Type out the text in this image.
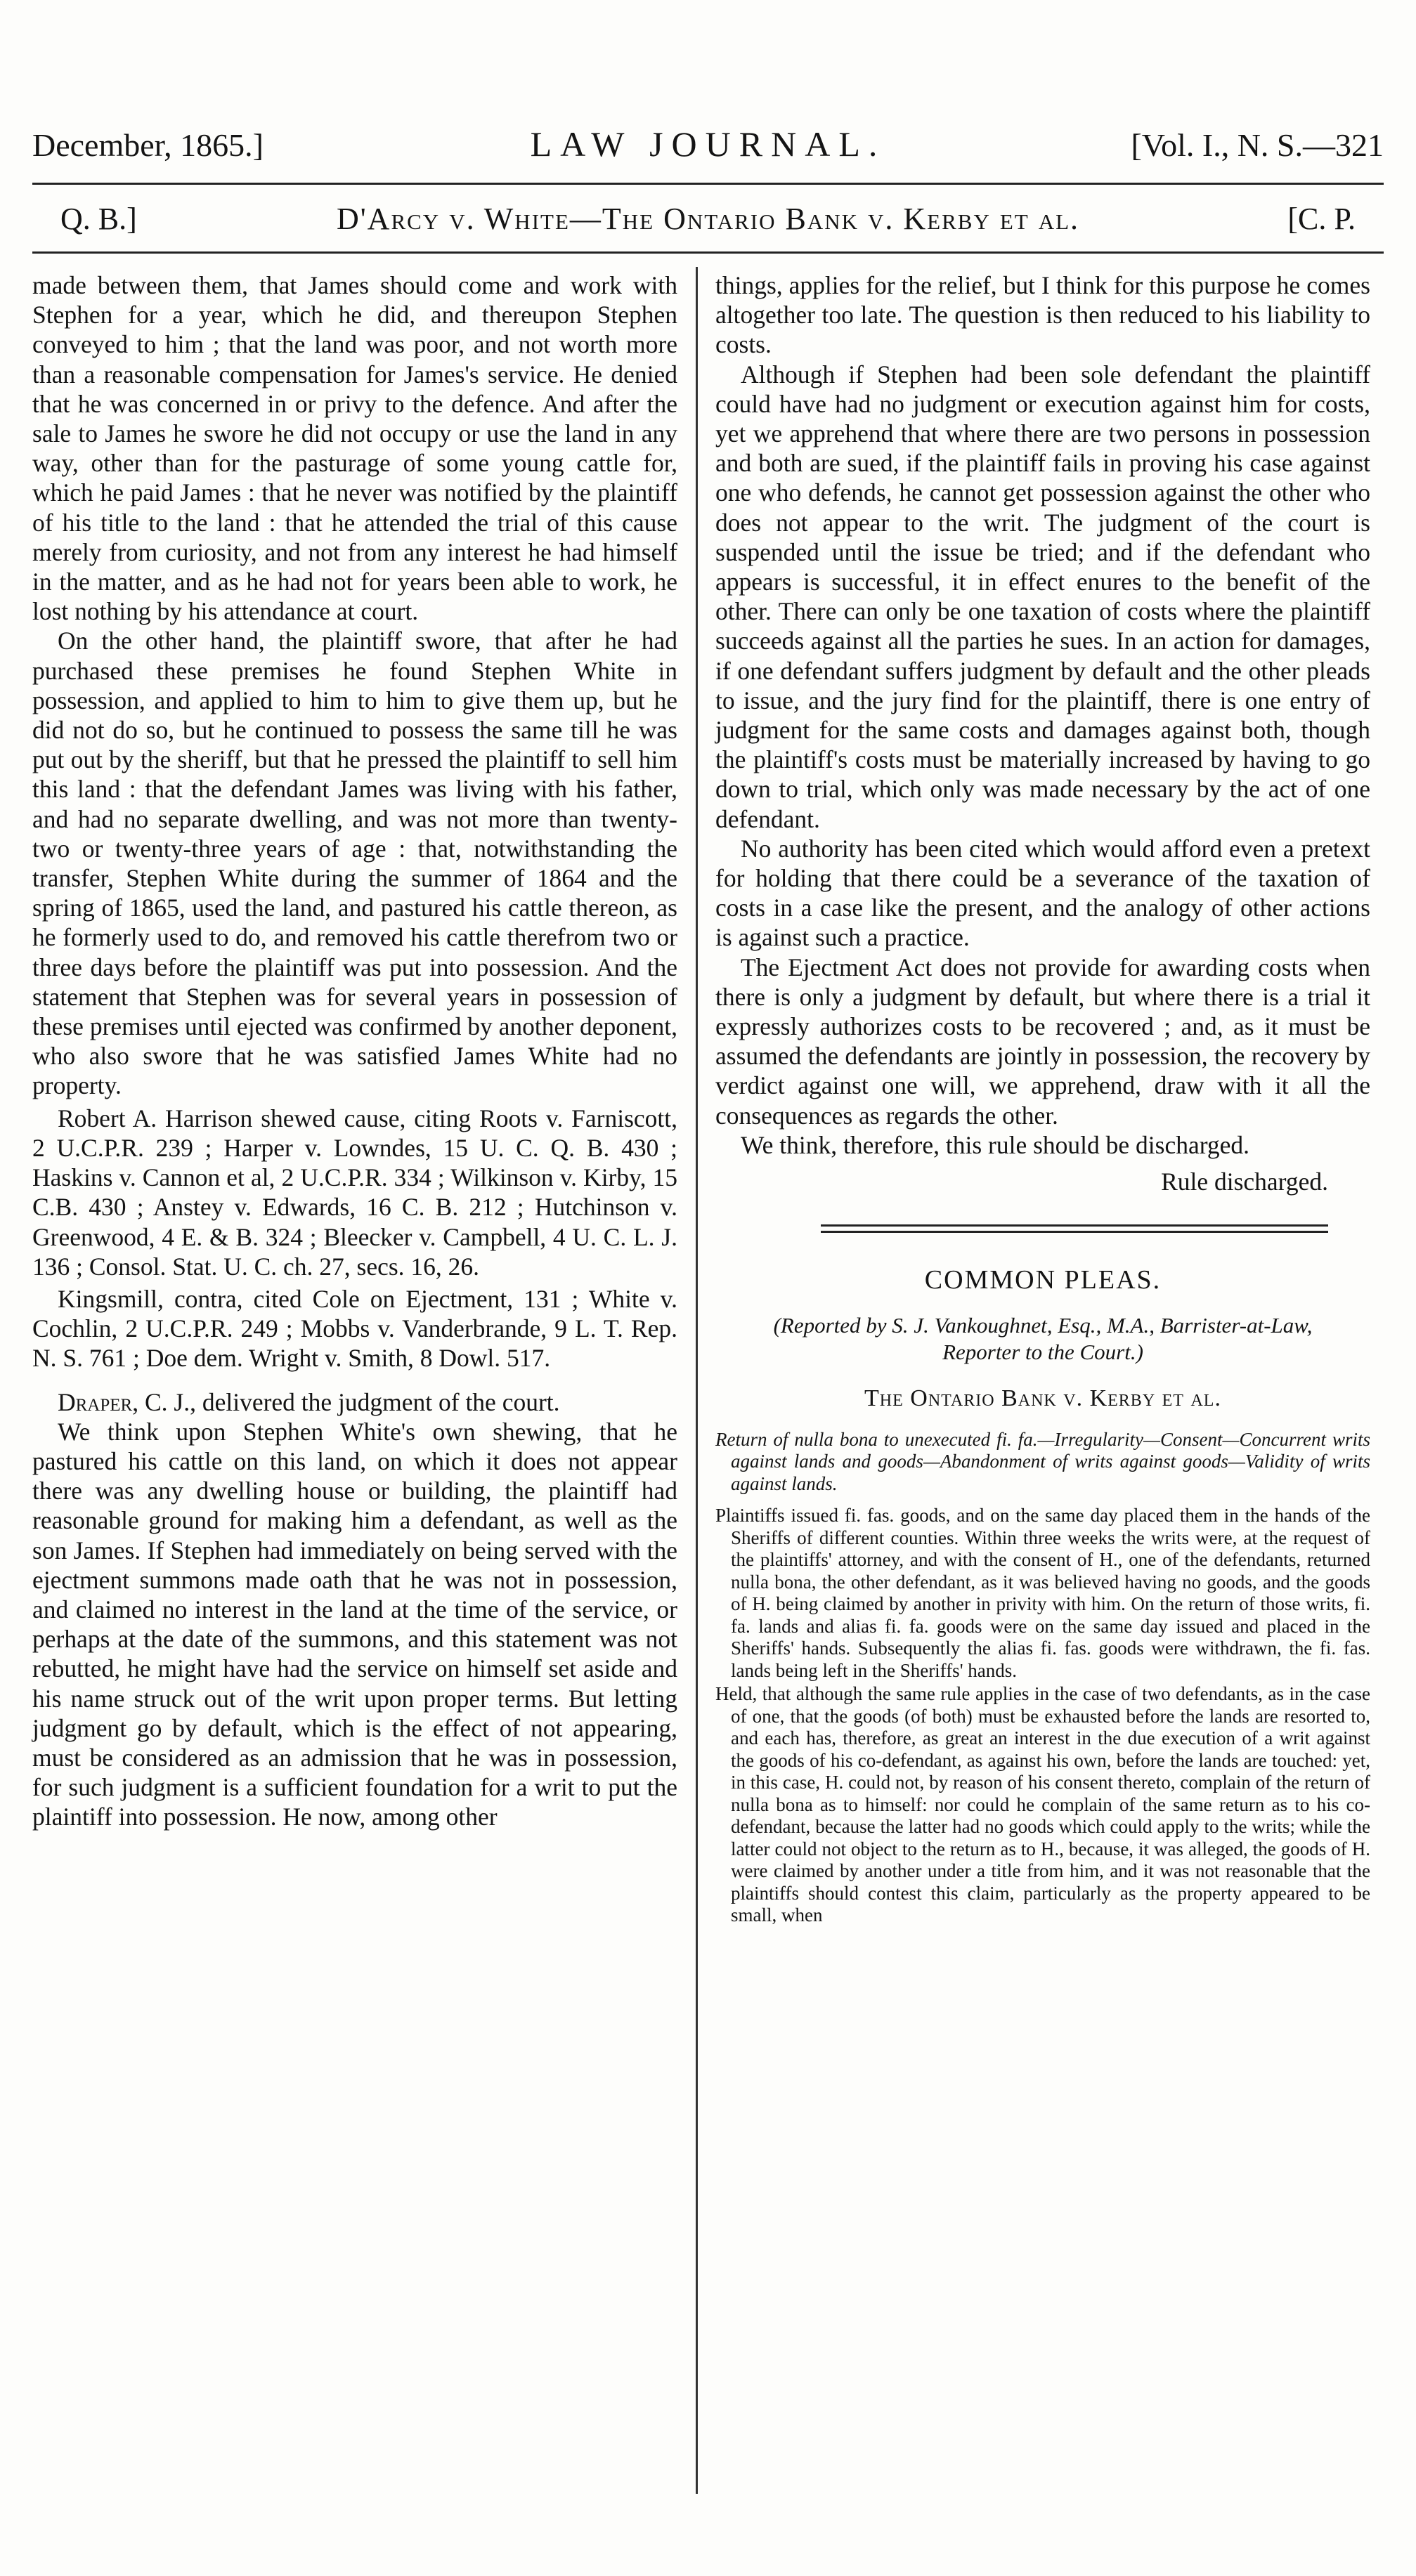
December, 1865.]	LAW JOURNAL.	[Vol. I., N. S.—321
Q. B.]	D'Arcy v. White—The Ontario Bank v. Kerby et al.	[C. P.

made between them, that James should come and work with Stephen for a year, which he did, and thereupon Stephen conveyed to him ; that the land was poor, and not worth more than a reasonable compensation for James's service. He denied that he was concerned in or privy to the defence. And after the sale to James he swore he did not occupy or use the land in any way, other than for the pasturage of some young cattle for, which he paid James : that he never was notified by the plaintiff of his title to the land : that he attended the trial of this cause merely from curiosity, and not from any interest he had himself in the matter, and as he had not for years been able to work, he lost nothing by his attendance at court.

On the other hand, the plaintiff swore, that after he had purchased these premises he found Stephen White in possession, and applied to him to him to give them up, but he did not do so, but he continued to possess the same till he was put out by the sheriff, but that he pressed the plaintiff to sell him this land : that the defendant James was living with his father, and had no separate dwelling, and was not more than twenty-two or twenty-three years of age : that, notwithstanding the transfer, Stephen White during the summer of 1864 and the spring of 1865, used the land, and pastured his cattle thereon, as he formerly used to do, and removed his cattle therefrom two or three days before the plaintiff was put into possession. And the statement that Stephen was for several years in possession of these premises until ejected was confirmed by another deponent, who also swore that he was satisfied James White had no property.

Robert A. Harrison shewed cause, citing Roots v. Farniscott, 2 U.C.P.R. 239 ; Harper v. Lowndes, 15 U. C. Q. B. 430 ; Haskins v. Cannon et al, 2 U.C.P.R. 334 ; Wilkinson v. Kirby, 15 C.B. 430 ; Anstey v. Edwards, 16 C. B. 212 ; Hutchinson v. Greenwood, 4 E. & B. 324 ; Bleecker v. Campbell, 4 U. C. L. J. 136 ; Consol. Stat. U. C. ch. 27, secs. 16, 26.

Kingsmill, contra, cited Cole on Ejectment, 131 ; White v. Cochlin, 2 U.C.P.R. 249 ; Mobbs v. Vanderbrande, 9 L. T. Rep. N. S. 761 ; Doe dem. Wright v. Smith, 8 Dowl. 517.

Draper, C. J., delivered the judgment of the court.

We think upon Stephen White's own shewing, that he pastured his cattle on this land, on which it does not appear there was any dwelling house or building, the plaintiff had reasonable ground for making him a defendant, as well as the son James. If Stephen had immediately on being served with the ejectment summons made oath that he was not in possession, and claimed no interest in the land at the time of the service, or perhaps at the date of the summons, and this statement was not rebutted, he might have had the service on himself set aside and his name struck out of the writ upon proper terms. But letting judgment go by default, which is the effect of not appearing, must be considered as an admission that he was in possession, for such judgment is a sufficient foundation for a writ to put the plaintiff into possession. He now, among other

things, applies for the relief, but I think for this purpose he comes altogether too late. The question is then reduced to his liability to costs.

Although if Stephen had been sole defendant the plaintiff could have had no judgment or execution against him for costs, yet we apprehend that where there are two persons in possession and both are sued, if the plaintiff fails in proving his case against one who defends, he cannot get possession against the other who does not appear to the writ. The judgment of the court is suspended until the issue be tried; and if the defendant who appears is successful, it in effect enures to the benefit of the other. There can only be one taxation of costs where the plaintiff succeeds against all the parties he sues. In an action for damages, if one defendant suffers judgment by default and the other pleads to issue, and the jury find for the plaintiff, there is one entry of judgment for the same costs and damages against both, though the plaintiff's costs must be materially increased by having to go down to trial, which only was made necessary by the act of one defendant.

No authority has been cited which would afford even a pretext for holding that there could be a severance of the taxation of costs in a case like the present, and the analogy of other actions is against such a practice.

The Ejectment Act does not provide for awarding costs when there is only a judgment by default, but where there is a trial it expressly authorizes costs to be recovered ; and, as it must be assumed the defendants are jointly in possession, the recovery by verdict against one will, we apprehend, draw with it all the consequences as regards the other.

We think, therefore, this rule should be discharged.

Rule discharged.
COMMON PLEAS.
(Reported by S. J. Vankoughnet, Esq., M.A., Barrister-at-Law, Reporter to the Court.)
The Ontario Bank v. Kerby et al.

Return of nulla bona to unexecuted fi. fa.—Irregularity—Consent—Concurrent writs against lands and goods—Abandonment of writs against goods—Validity of writs against lands.

Plaintiffs issued fi. fas. goods, and on the same day placed them in the hands of the Sheriffs of different counties. Within three weeks the writs were, at the request of the plaintiffs' attorney, and with the consent of H., one of the defendants, returned nulla bona, the other defendant, as it was believed having no goods, and the goods of H. being claimed by another in privity with him. On the return of those writs, fi. fa. lands and alias fi. fa. goods were on the same day issued and placed in the Sheriffs' hands. Subsequently the alias fi. fas. goods were withdrawn, the fi. fas. lands being left in the Sheriffs' hands.

Held, that although the same rule applies in the case of two defendants, as in the case of one, that the goods (of both) must be exhausted before the lands are resorted to, and each has, therefore, as great an interest in the due execution of a writ against the goods of his co-defendant, as against his own, before the lands are touched: yet, in this case, H. could not, by reason of his consent thereto, complain of the return of nulla bona as to himself: nor could he complain of the same return as to his co-defendant, because the latter had no goods which could apply to the writs; while the latter could not object to the return as to H., because, it was alleged, the goods of H. were claimed by another under a title from him, and it was not reasonable that the plaintiffs should contest this claim, particularly as the property appeared to be small, when
